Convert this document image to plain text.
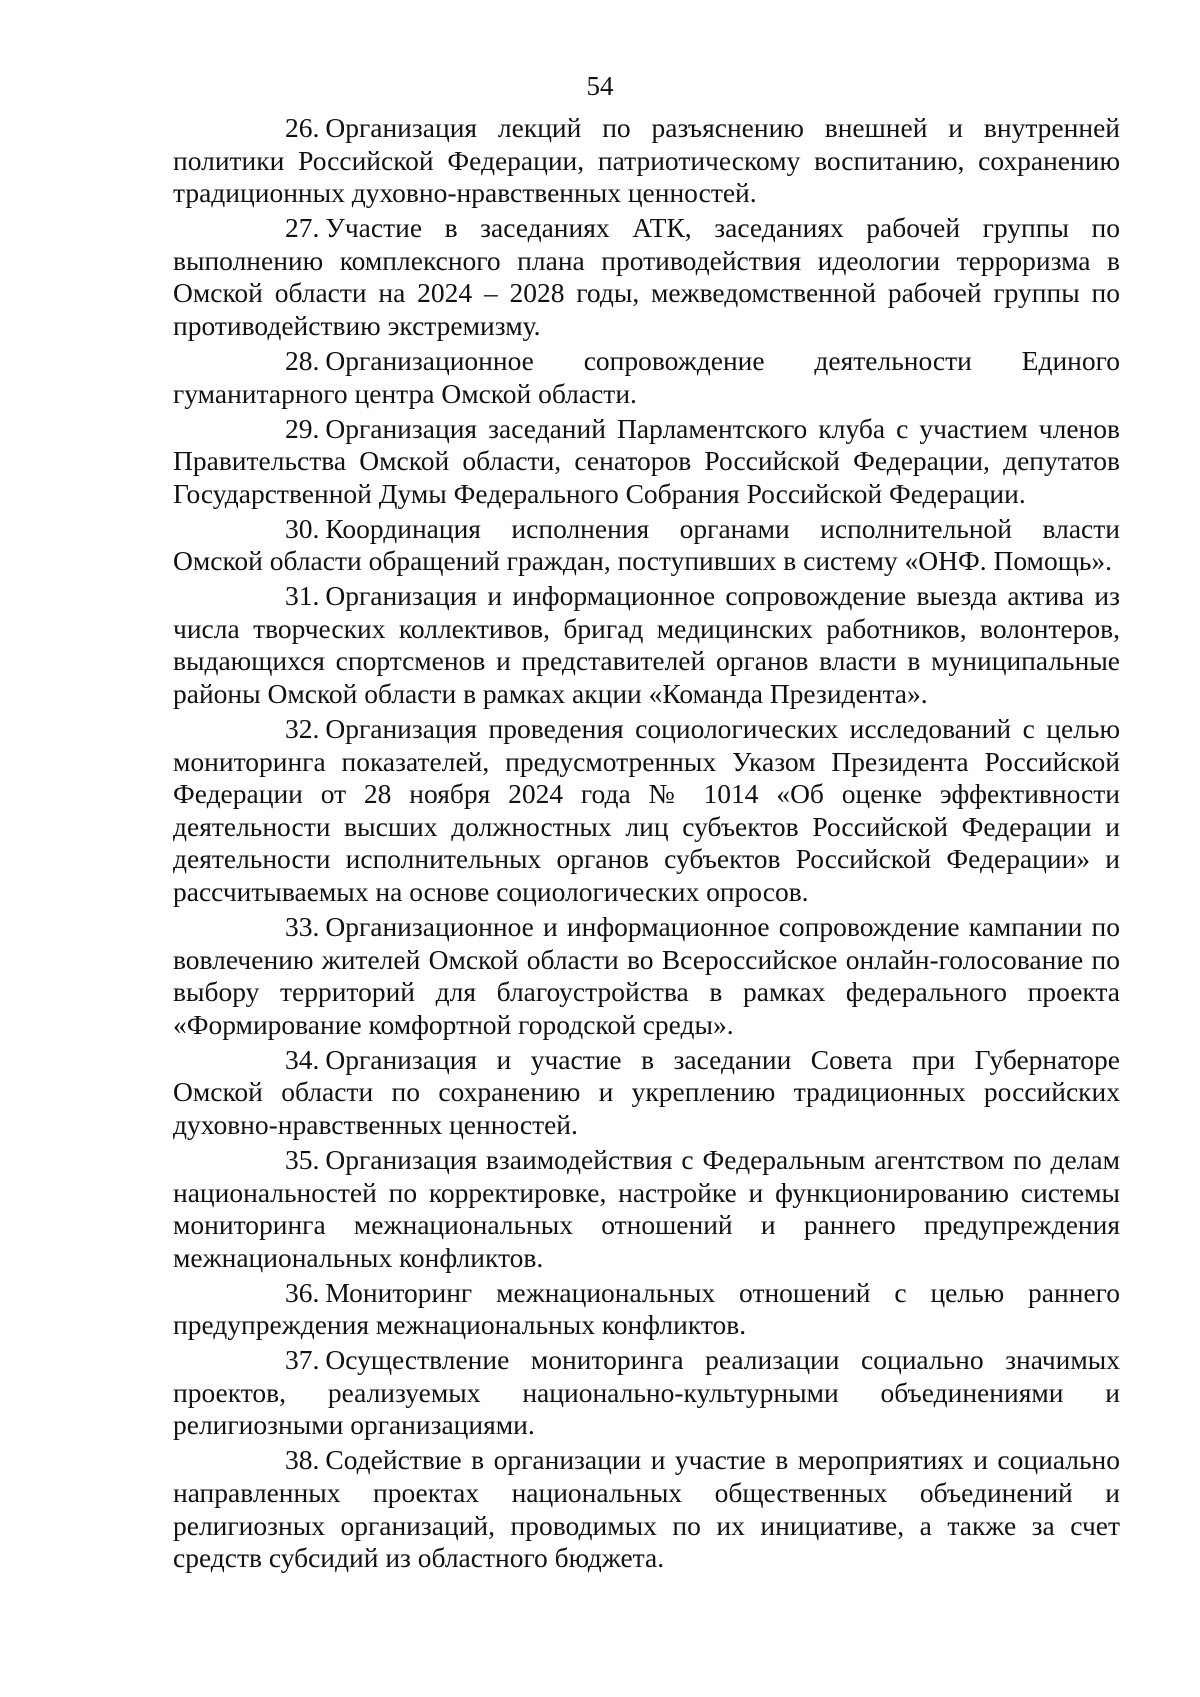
54

26. Организация лекций по разъяснению внешней и внутренней политики Российской Федерации, патриотическому воспитанию, сохранению традиционных духовно-нравственных ценностей.

27. Участие в заседаниях АТК, заседаниях рабочей группы по выполнению комплексного плана противодействия идеологии терроризма в Омской области на 2024 – 2028 годы, межведомственной рабочей группы по противодействию экстремизму.

28. Организационное сопровождение деятельности Единого гуманитарного центра Омской области.

29. Организация заседаний Парламентского клуба с участием членов Правительства Омской области, сенаторов Российской Федерации, депутатов Государственной Думы Федерального Собрания Российской Федерации.

30. Координация исполнения органами исполнительной власти Омской области обращений граждан, поступивших в систему «ОНФ. Помощь».

31. Организация и информационное сопровождение выезда актива из числа творческих коллективов, бригад медицинских работников, волонтеров, выдающихся спортсменов и представителей органов власти в муниципальные районы Омской области в рамках акции «Команда Президента».

32. Организация проведения социологических исследований с целью мониторинга показателей, предусмотренных Указом Президента Российской Федерации от 28 ноября 2024 года № 1014 «Об оценке эффективности деятельности высших должностных лиц субъектов Российской Федерации и деятельности исполнительных органов субъектов Российской Федерации» и рассчитываемых на основе социологических опросов.

33. Организационное и информационное сопровождение кампании по вовлечению жителей Омской области во Всероссийское онлайн-голосование по выбору территорий для благоустройства в рамках федерального проекта «Формирование комфортной городской среды».

34. Организация и участие в заседании Совета при Губернаторе Омской области по сохранению и укреплению традиционных российских духовно-нравственных ценностей.

35. Организация взаимодействия с Федеральным агентством по делам национальностей по корректировке, настройке и функционированию системы мониторинга межнациональных отношений и раннего предупреждения межнациональных конфликтов.

36. Мониторинг межнациональных отношений с целью раннего предупреждения межнациональных конфликтов.

37. Осуществление мониторинга реализации социально значимых проектов, реализуемых национально-культурными объединениями и религиозными организациями.

38. Содействие в организации и участие в мероприятиях и социально направленных проектах национальных общественных объединений и религиозных организаций, проводимых по их инициативе, а также за счет средств субсидий из областного бюджета.
